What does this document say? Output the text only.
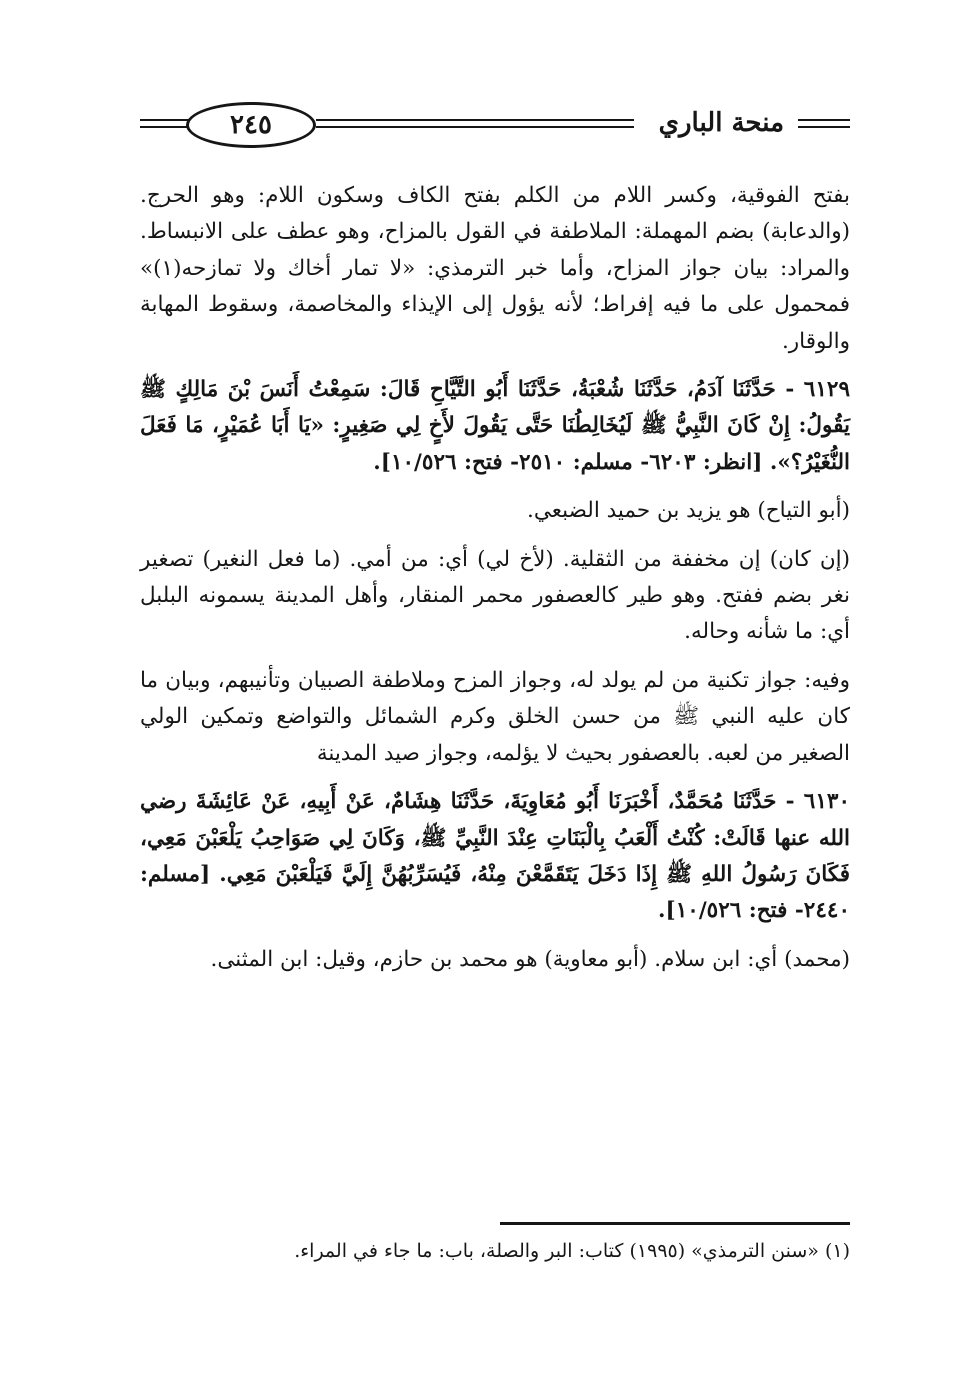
٢٤٥	منحة الباري

بفتح الفوقية، وكسر اللام من الكلم بفتح الكاف وسكون اللام: وهو الحرج. (والدعابة) بضم المهملة: الملاطفة في القول بالمزاح، وهو عطف على الانبساط. والمراد: بيان جواز المزاح، وأما خبر الترمذي: «لا تمار أخاك ولا تمازحه(١)» فمحمول على ما فيه إفراط؛ لأنه يؤول إلى الإيذاء والمخاصمة، وسقوط المهابة والوقار.

٦١٢٩ - حَدَّثَنَا آدَمُ، حَدَّثَنَا شُعْبَةُ، حَدَّثَنَا أَبُو التَّيَّاحِ قَالَ: سَمِعْتُ أَنَسَ بْنَ مَالِكٍ ﷺ يَقُولُ: إِنْ كَانَ النَّبِيُّ ﷺ لَيُخَالِطُنَا حَتَّى يَقُولَ لأَخٍ لِي صَغِيرٍ: «يَا أَبَا عُمَيْرٍ، مَا فَعَلَ النُّغَيْرُ؟». [انظر: ٦٢٠٣- مسلم: ٢٥١٠- فتح: ١٠/٥٢٦].

(أبو التياح) هو يزيد بن حميد الضبعي.

(إن كان) إن مخففة من الثقلية. (لأخ لي) أي: من أمي. (ما فعل النغير) تصغير نغر بضم ففتح. وهو طير كالعصفور محمر المنقار، وأهل المدينة يسمونه البلبل أي: ما شأنه وحاله.

وفيه: جواز تكنية من لم يولد له، وجواز المزح وملاطفة الصبيان وتأنيبهم، وبيان ما كان عليه النبي ﷺ من حسن الخلق وكرم الشمائل والتواضع وتمكين الولي الصغير من لعبه. بالعصفور بحيث لا يؤلمه، وجواز صيد المدينة

٦١٣٠ - حَدَّثَنَا مُحَمَّدٌ، أَخْبَرَنَا أَبُو مُعَاوِيَةَ، حَدَّثَنَا هِشَامٌ، عَنْ أَبِيهِ، عَنْ عَائِشَةَ رضي الله عنها قَالَتْ: كُنْتُ أَلْعَبُ بِالْبَنَاتِ عِنْدَ النَّبِيِّ ﷺ، وَكَانَ لِي صَوَاحِبُ يَلْعَبْنَ مَعِي، فَكَانَ رَسُولُ اللهِ ﷺ إِذَا دَخَلَ يَتَقَمَّعْنَ مِنْهُ، فَيُسَرِّبُهُنَّ إِلَيَّ فَيَلْعَبْنَ مَعِي. [مسلم: ٢٤٤٠- فتح: ١٠/٥٢٦].

(محمد) أي: ابن سلام. (أبو معاوية) هو محمد بن حازم، وقيل: ابن المثنى.

(١) «سنن الترمذي» (١٩٩٥) كتاب: البر والصلة، باب: ما جاء في المراء.
